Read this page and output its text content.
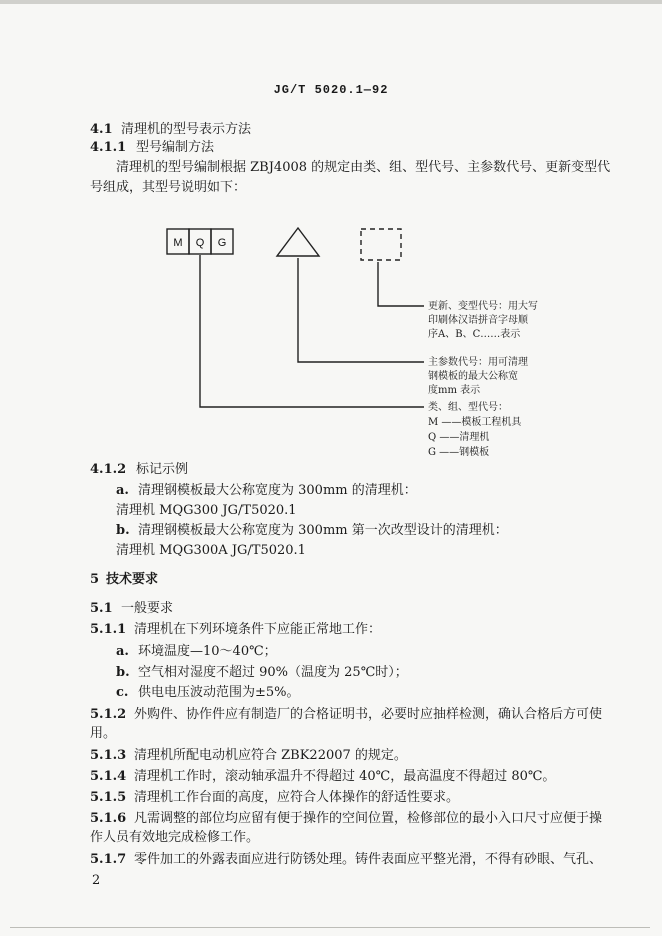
JG/T 5020.1—92
4.1 清理机的型号表示方法
4.1.1 型号编制方法
清理机的型号编制根据 ZBJ4008 的规定由类、组、型代号、主参数代号、更新变型代
号组成，其型号说明如下：
M Q G
更新、变型代号：用大写
印刷体汉语拼音字母顺
序A、B、C……表示
主参数代号：用可清理
钢模板的最大公称宽
度mm 表示
类、组、型代号：
M ——模板工程机具
Q ——清理机
G ——钢模板
4.1.2 标记示例
a. 清理钢模板最大公称宽度为 300mm 的清理机：
清理机 MQG300 JG/T5020.1
b. 清理钢模板最大公称宽度为 300mm 第一次改型设计的清理机：
清理机 MQG300A JG/T5020.1
5 技术要求
5.1 一般要求
5.1.1 清理机在下列环境条件下应能正常地工作：
a. 环境温度—10～40℃；
b. 空气相对湿度不超过 90%（温度为 25℃时）；
c. 供电电压波动范围为±5%。
5.1.2 外购件、协作件应有制造厂的合格证明书，必要时应抽样检测，确认合格后方可使
用。
5.1.3 清理机所配电动机应符合 ZBK22007 的规定。
5.1.4 清理机工作时，滚动轴承温升不得超过 40℃，最高温度不得超过 80℃。
5.1.5 清理机工作台面的高度，应符合人体操作的舒适性要求。
5.1.6 凡需调整的部位均应留有便于操作的空间位置，检修部位的最小入口尺寸应便于操
作人员有效地完成检修工作。
5.1.7 零件加工的外露表面应进行防锈处理。铸件表面应平整光滑，不得有砂眼、气孔、
2
